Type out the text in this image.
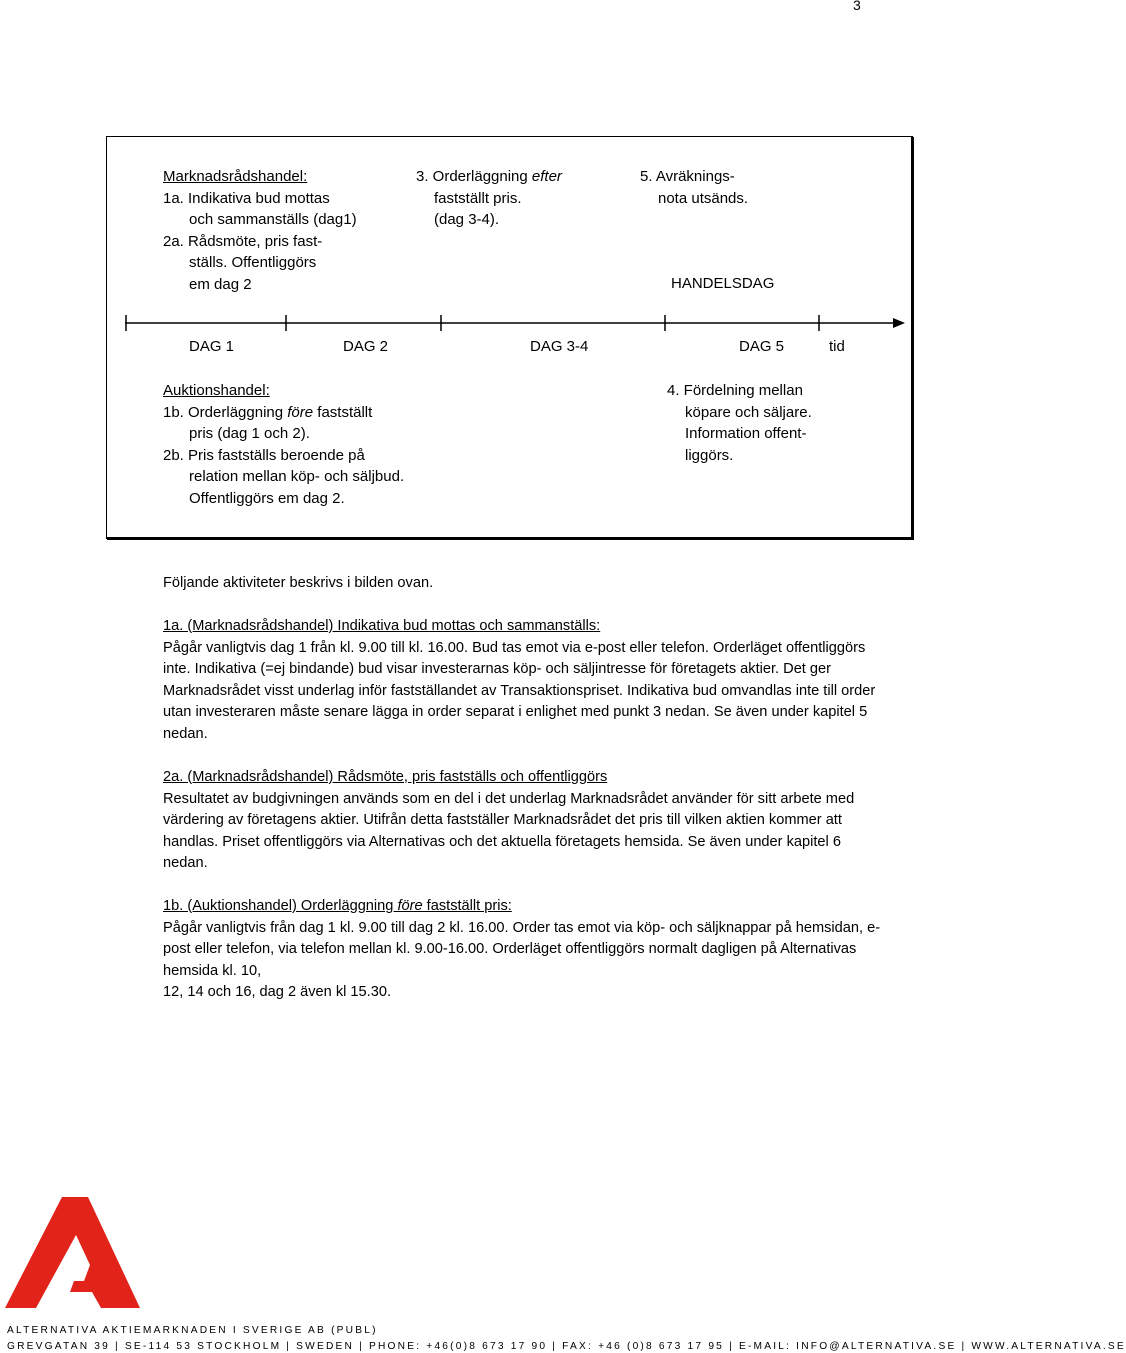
3
Marknadsrådshandel:
1a. Indikativa bud mottas
och sammanställs (dag1)
2a. Rådsmöte, pris fast-
ställs. Offentliggörs
em dag 2
3. Orderläggning efter
fastställt pris.
(dag 3-4).
5. Avräknings-
nota utsänds.
HANDELSDAG
DAG 1	DAG 2	DAG 3-4	DAG 5	tid
Auktionshandel:
1b. Orderläggning före fastställt
pris (dag 1 och 2).
2b. Pris fastställs beroende på
relation mellan köp- och säljbud.
Offentliggörs em dag 2.
4. Fördelning mellan
köpare och säljare.
Information offent-
liggörs.
Följande aktiviteter beskrivs i bilden ovan.
1a. (Marknadsrådshandel) Indikativa bud mottas och sammanställs:
Pågår vanligtvis dag 1 från kl. 9.00 till kl. 16.00. Bud tas emot via e-post eller telefon. Orderläget offentliggörs inte. Indikativa (=ej bindande) bud visar investerarnas köp- och säljintresse för företagets aktier. Det ger Marknadsrådet visst underlag inför fastställandet av Transaktionspriset. Indikativa bud omvandlas inte till order utan investeraren måste senare lägga in order separat i enlighet med punkt 3 nedan. Se även under kapitel 5 nedan.
2a. (Marknadsrådshandel) Rådsmöte, pris fastställs och offentliggörs
Resultatet av budgivningen används som en del i det underlag Marknadsrådet använder för sitt arbete med värdering av företagens aktier. Utifrån detta fastställer Marknadsrådet det pris till vilken aktien kommer att handlas. Priset offentliggörs via Alternativas och det aktuella företagets hemsida. Se även under kapitel 6 nedan.
1b. (Auktionshandel) Orderläggning före fastställt pris:
Pågår vanligtvis från dag 1 kl. 9.00 till dag 2 kl. 16.00. Order tas emot via köp- och säljknappar på hemsidan, e-post eller telefon, via telefon mellan kl. 9.00-16.00. Orderläget offentliggörs normalt dagligen på Alternativas hemsida kl. 10,
12, 14 och 16, dag 2 även kl 15.30.
ALTERNATIVA AKTIEMARKNADEN I SVERIGE AB (PUBL)
GREVGATAN 39 | SE-114 53 STOCKHOLM | SWEDEN | PHONE: +46(0)8 673 17 90 | FAX: +46 (0)8 673 17 95 | E-MAIL: INFO@ALTERNATIVA.SE | WWW.ALTERNATIVA.SE
